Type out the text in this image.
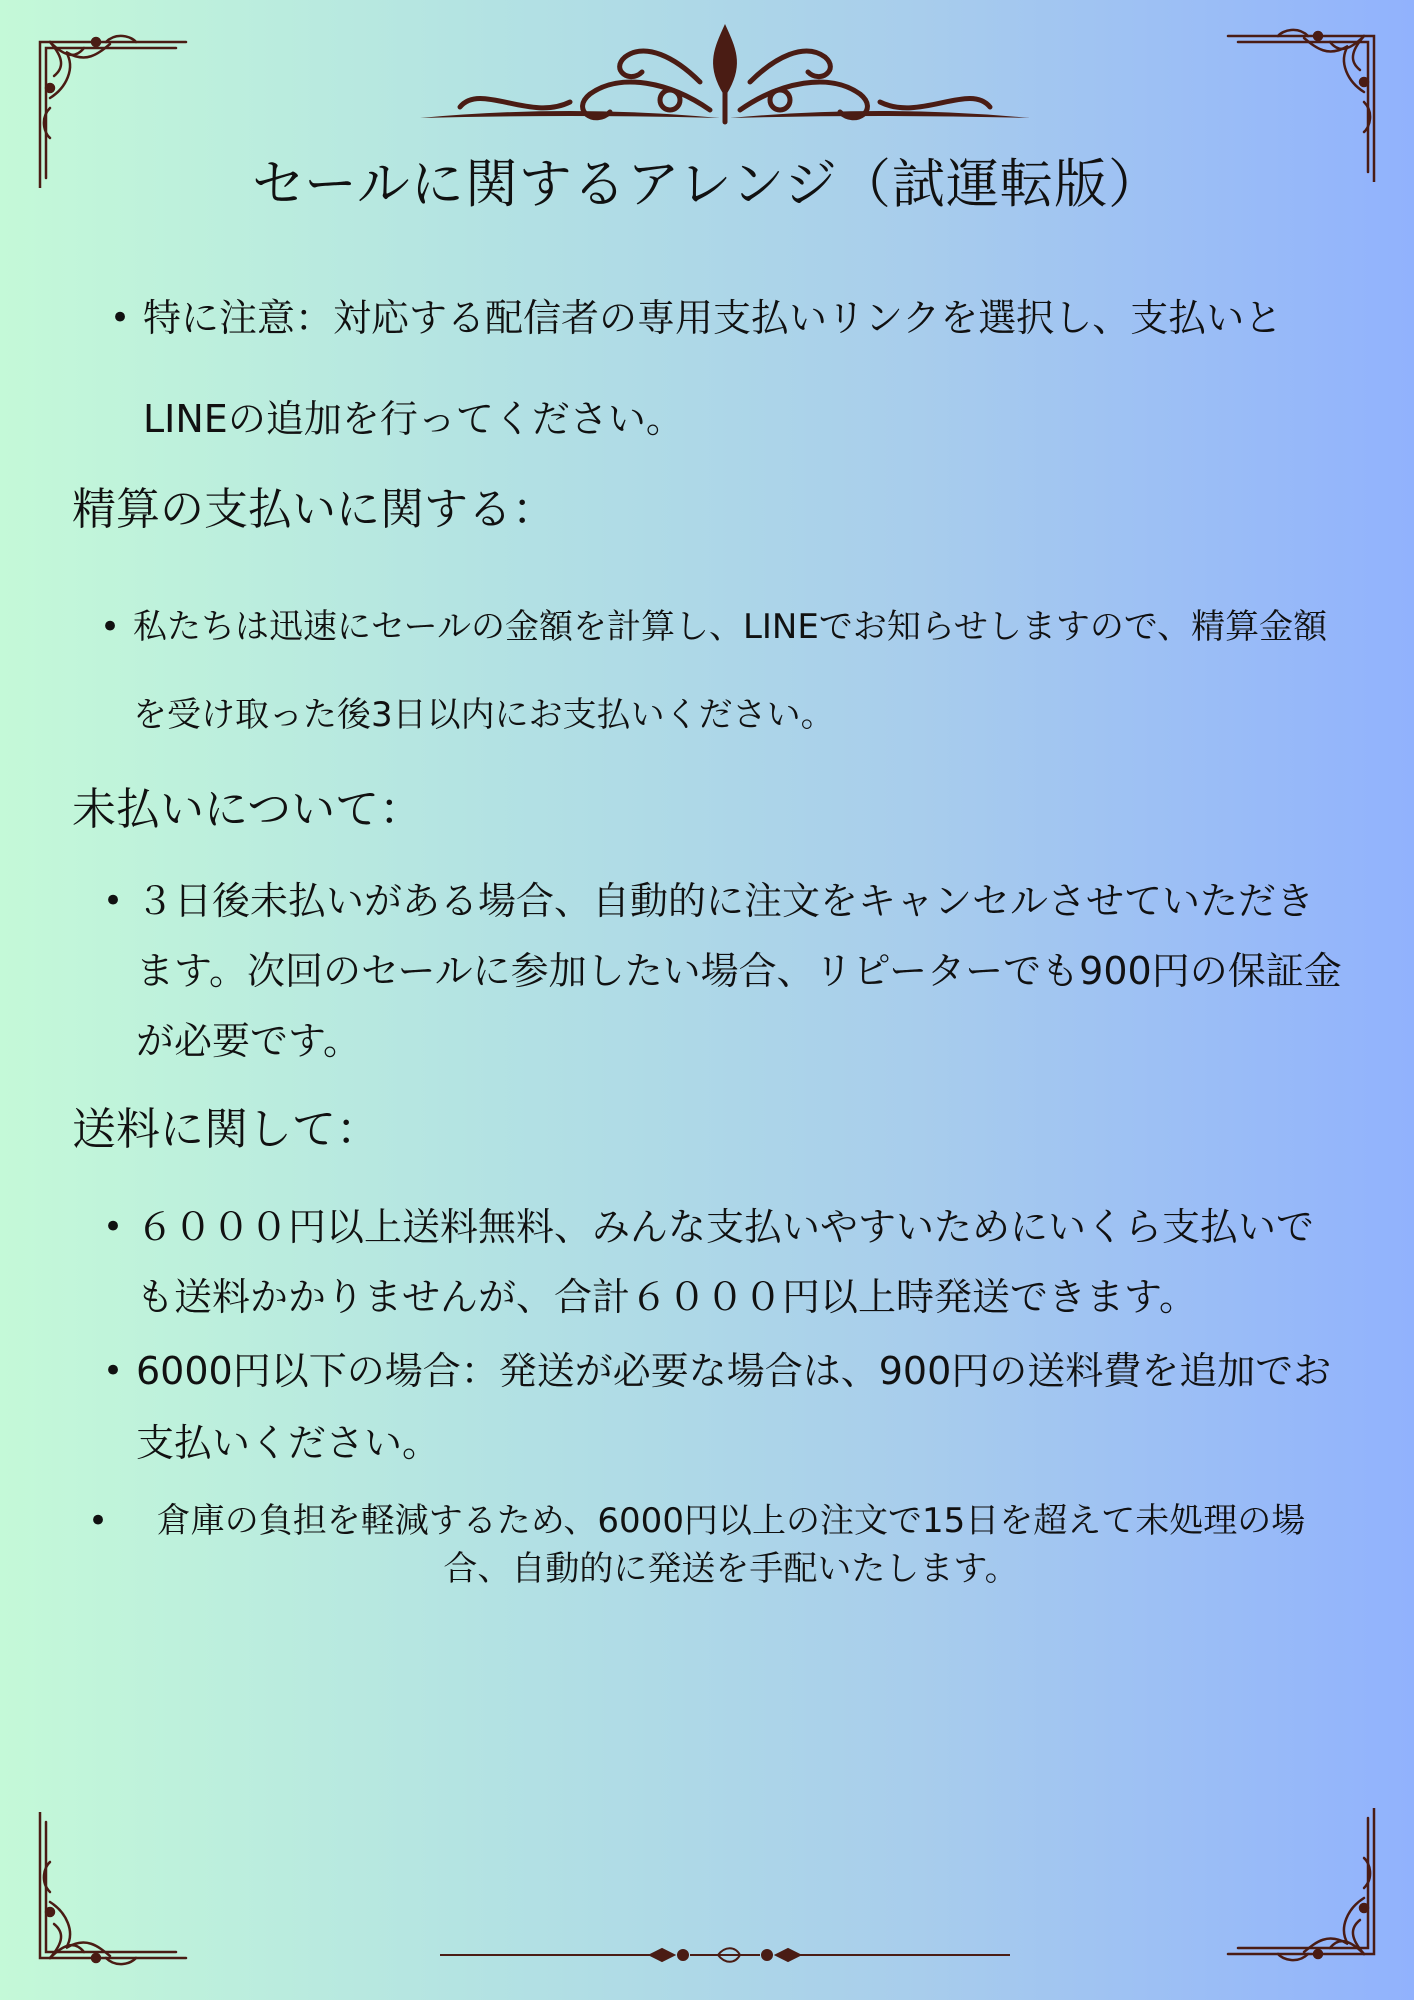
セールに関するアレンジ（試運転版）

• 特に注意：対応する配信者の専用支払いリンクを選択し、支払いとLINEの追加を行ってください。

精算の支払いに関する：

• 私たちは迅速にセールの金額を計算し、LINEでお知らせしますので、精算金額を受け取った後3日以内にお支払いください。

未払いについて：

• ３日後未払いがある場合、自動的に注文をキャンセルさせていただきます。次回のセールに参加したい場合、リピーターでも900円の保証金が必要です。

送料に関して：

• ６０００円以上送料無料、みんな支払いやすいためにいくら支払いでも送料かかりませんが、合計６０００円以上時発送できます。

• 6000円以下の場合：発送が必要な場合は、900円の送料費を追加でお支払いください。

• 倉庫の負担を軽減するため、6000円以上の注文で15日を超えて未処理の場合、自動的に発送を手配いたします。
